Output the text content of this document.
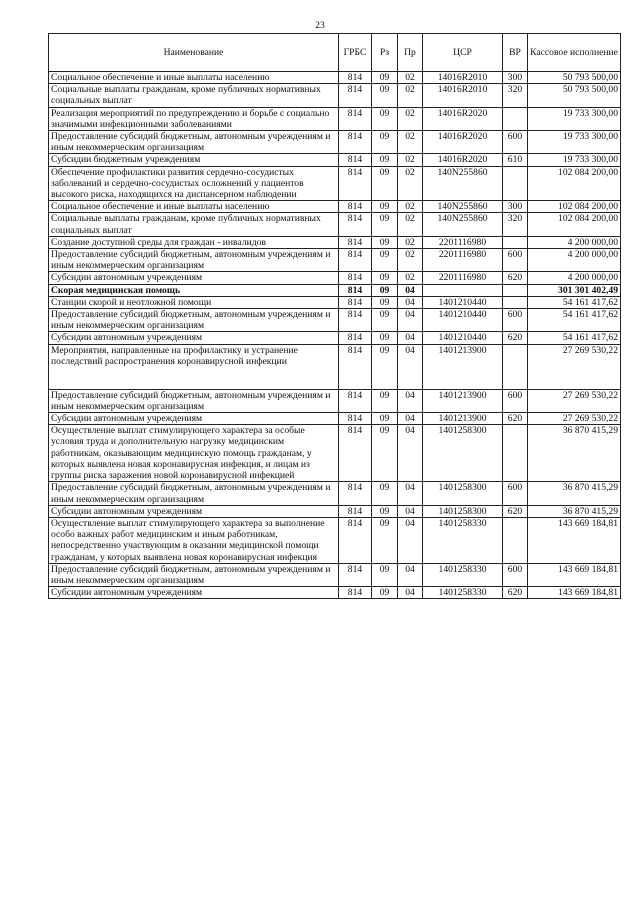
23
Наименование	ГРБС	Рз	Пр	ЦСР	ВР	Кассовое исполнение
Социальное обеспечение и иные выплаты населению	814	09	02	14016R2010	300	50 793 500,00
Социальные выплаты гражданам, кроме публичных нормативных социальных выплат	814	09	02	14016R2010	320	50 793 500,00
Реализация мероприятий по предупреждению и борьбе с социально значимыми инфекционными заболеваниями	814	09	02	14016R2020		19 733 300,00
Предоставление субсидий бюджетным, автономным учреждениям и иным некоммерческим организациям	814	09	02	14016R2020	600	19 733 300,00
Субсидии бюджетным учреждениям	814	09	02	14016R2020	610	19 733 300,00
Обеспечение профилактики развития сердечно-сосудистых заболеваний и сердечно-сосудистых осложнений у пациентов высокого риска, находящихся на диспансерном наблюдении	814	09	02	140N255860		102 084 200,00
Социальное обеспечение и иные выплаты населению	814	09	02	140N255860	300	102 084 200,00
Социальные выплаты гражданам, кроме публичных нормативных социальных выплат	814	09	02	140N255860	320	102 084 200,00
Создание доступной среды для граждан - инвалидов	814	09	02	2201116980		4 200 000,00
Предоставление субсидий бюджетным, автономным учреждениям и иным некоммерческим организациям	814	09	02	2201116980	600	4 200 000,00
Субсидии автономным учреждениям	814	09	02	2201116980	620	4 200 000,00
Скорая медицинская помощь	814	09	04			301 301 402,49
Станции скорой и неотложной помощи	814	09	04	1401210440		54 161 417,62
Предоставление субсидий бюджетным, автономным учреждениям и иным некоммерческим организациям	814	09	04	1401210440	600	54 161 417,62
Субсидии автономным учреждениям	814	09	04	1401210440	620	54 161 417,62
Мероприятия, направленные на профилактику и устранение последствий распространения коронавирусной инфекции	814	09	04	1401213900		27 269 530,22
Предоставление субсидий бюджетным, автономным учреждениям и иным некоммерческим организациям	814	09	04	1401213900	600	27 269 530,22
Субсидии автономным учреждениям	814	09	04	1401213900	620	27 269 530,22
Осуществление выплат стимулирующего характера за особые условия труда и дополнительную нагрузку медицинским работникам, оказывающим медицинскую помощь гражданам, у которых выявлена новая коронавирусная инфекция, и лицам из группы риска заражения новой коронавирусной инфекцией	814	09	04	1401258300		36 870 415,29
Предоставление субсидий бюджетным, автономным учреждениям и иным некоммерческим организациям	814	09	04	1401258300	600	36 870 415,29
Субсидии автономным учреждениям	814	09	04	1401258300	620	36 870 415,29
Осуществление выплат стимулирующего характера за выполнение особо важных работ медицинским и иным работникам, непосредственно участвующим в оказании медицинской помощи гражданам, у которых выявлена новая коронавирусная инфекция	814	09	04	1401258330		143 669 184,81
Предоставление субсидий бюджетным, автономным учреждениям и иным некоммерческим организациям	814	09	04	1401258330	600	143 669 184,81
Субсидии автономным учреждениям	814	09	04	1401258330	620	143 669 184,81
